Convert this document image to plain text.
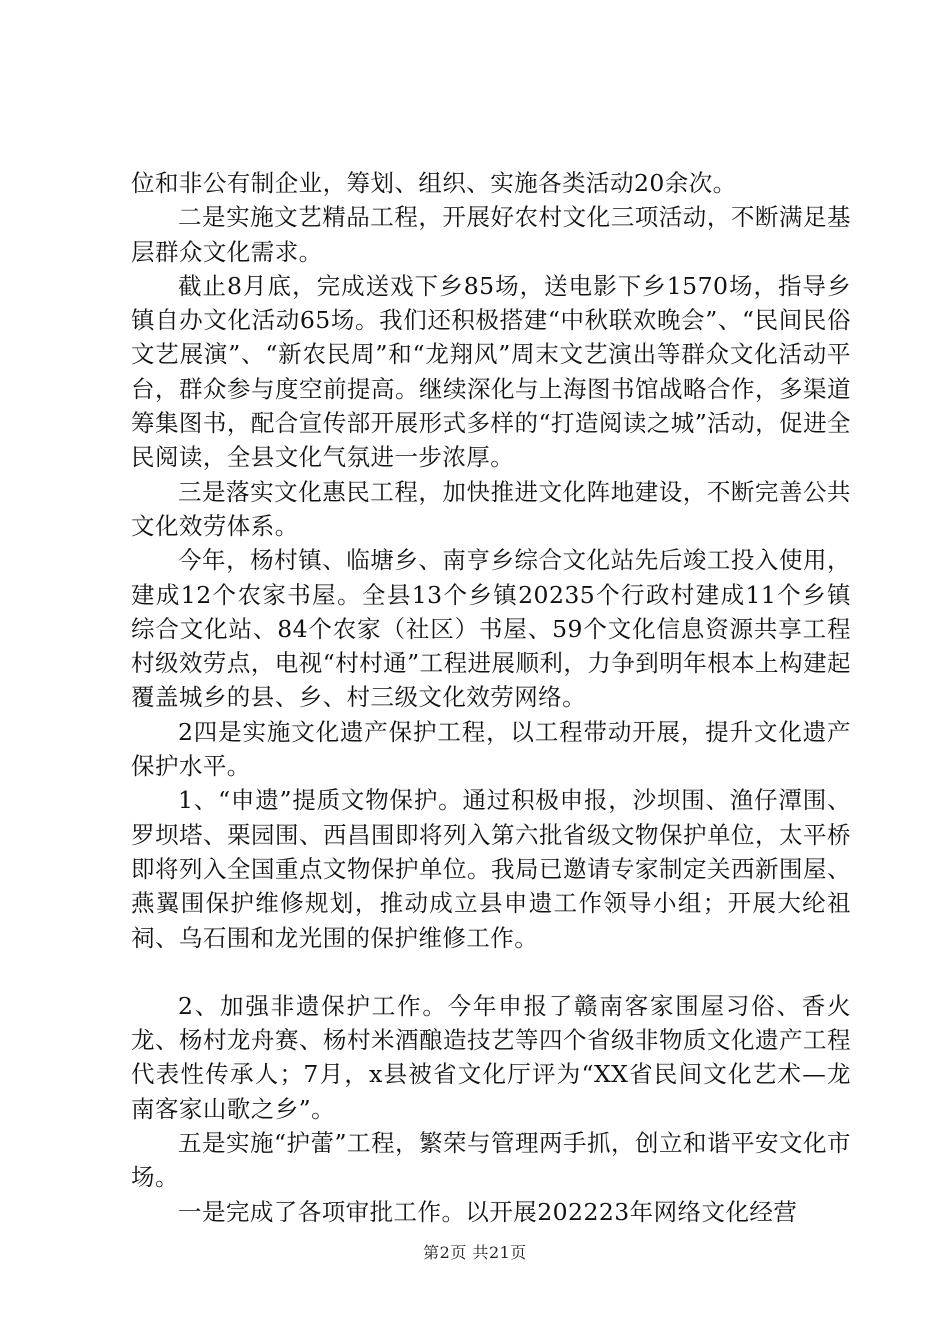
位和非公有制企业，筹划、组织、实施各类活动20余次。

二是实施文艺精品工程，开展好农村文化三项活动，不断满足基层群众文化需求。

截止8月底，完成送戏下乡85场，送电影下乡1570场，指导乡镇自办文化活动65场。我们还积极搭建“中秋联欢晚会”、“民间民俗文艺展演”、“新农民周”和“龙翔风”周末文艺演出等群众文化活动平台，群众参与度空前提高。继续深化与上海图书馆战略合作，多渠道筹集图书，配合宣传部开展形式多样的“打造阅读之城”活动，促进全民阅读，全县文化气氛进一步浓厚。

三是落实文化惠民工程，加快推进文化阵地建设，不断完善公共文化效劳体系。

今年，杨村镇、临塘乡、南亨乡综合文化站先后竣工投入使用，建成12个农家书屋。全县13个乡镇20235个行政村建成11个乡镇综合文化站、84个农家（社区）书屋、59个文化信息资源共享工程村级效劳点，电视“村村通”工程进展顺利，力争到明年根本上构建起覆盖城乡的县、乡、村三级文化效劳网络。

2四是实施文化遗产保护工程，以工程带动开展，提升文化遗产保护水平。

1、“申遗”提质文物保护。通过积极申报，沙坝围、渔仔潭围、罗坝塔、栗园围、西昌围即将列入第六批省级文物保护单位，太平桥即将列入全国重点文物保护单位。我局已邀请专家制定关西新围屋、燕翼围保护维修规划，推动成立县申遗工作领导小组；开展大纶祖祠、乌石围和龙光围的保护维修工作。

2、加强非遗保护工作。今年申报了赣南客家围屋习俗、香火龙、杨村龙舟赛、杨村米酒酿造技艺等四个省级非物质文化遗产工程代表性传承人；7月，x县被省文化厅评为“XX省民间文化艺术—龙南客家山歌之乡”。

五是实施“护蕾”工程，繁荣与管理两手抓，创立和谐平安文化市场。

一是完成了各项审批工作。以开展202223年网络文化经营

第2页 共21页
